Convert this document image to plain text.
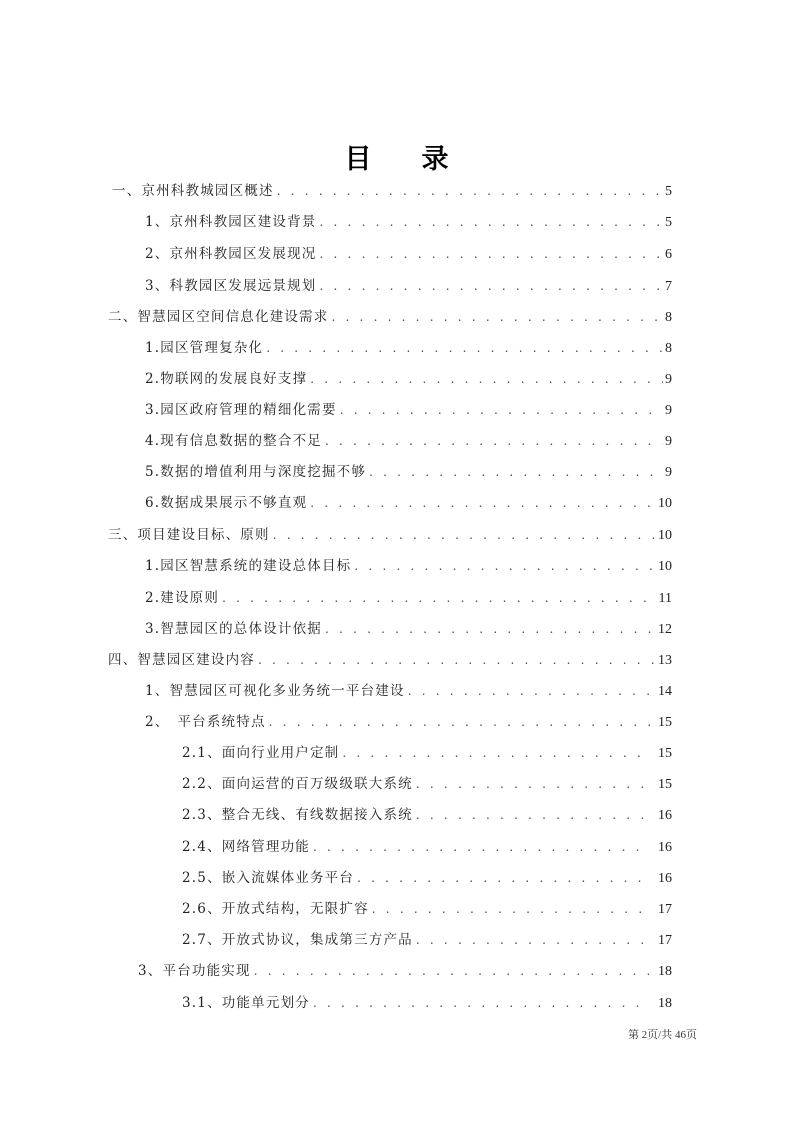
目 录
一、京州科教城园区概述 . . .	5
1、京州科教园区建设背景 . . .	5
2、京州科教园区发展现况 . . .	6
3、科教园区发展远景规划 . . .	7
二、智慧园区空间信息化建设需求 . . .	8
1.园区管理复杂化 . . .	8
2.物联网的发展良好支撑 . . .	9
3.园区政府管理的精细化需要 . . .	9
4.现有信息数据的整合不足 . . .	9
5.数据的增值利用与深度挖掘不够 . . .	9
6.数据成果展示不够直观 . . .	10
三、项目建设目标、原则 . . .	10
1.园区智慧系统的建设总体目标 . . .	10
2.建设原则 . . .	11
3.智慧园区的总体设计依据 . . .	12
四、智慧园区建设内容 . . .	13
1、智慧园区可视化多业务统一平台建设 . . .	14
2、　平台系统特点 . . .	15
2.1、面向行业用户定制 . . .	15
2.2、面向运营的百万级级联大系统 . . .	15
2.3、整合无线、有线数据接入系统 . . .	16
2.4、网络管理功能 . . .	16
2.5、嵌入流媒体业务平台 . . .	16
2.6、开放式结构，无限扩容 . . .	17
2.7、开放式协议，集成第三方产品 . . .	17
3、平台功能实现 . . .	18
3.1、功能单元划分 . . .	18
第 2页/共 46页
